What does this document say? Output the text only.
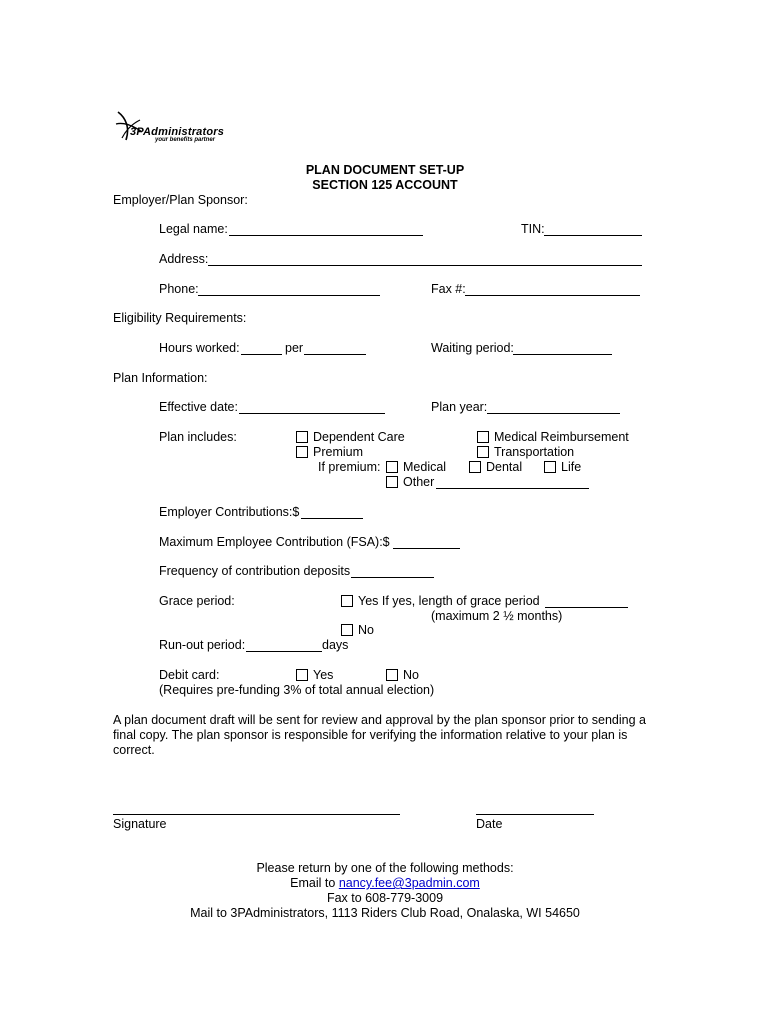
3PAdministrators
your benefits partner
PLAN DOCUMENT SET-UP
SECTION 125 ACCOUNT
Employer/Plan Sponsor:
Legal name:	TIN:
Address:
Phone:	Fax #:
Eligibility Requirements:
Hours worked:	per	Waiting period:
Plan Information:
Effective date:	Plan year:
Plan includes:	Dependent Care	Medical Reimbursement
Premium	Transportation
If premium: Medical	Dental	Life
Other
Employer Contributions:$
Maximum Employee Contribution (FSA):$
Frequency of contribution deposits
Grace period:	Yes If yes, length of grace period
(maximum 2 ½ months)
No
Run-out period:	days
Debit card:	Yes	No
(Requires pre-funding 3% of total annual election)
A plan document draft will be sent for review and approval by the plan sponsor prior to sending a final copy. The plan sponsor is responsible for verifying the information relative to your plan is correct.
Signature	Date
Please return by one of the following methods:
Email to nancy.fee@3padmin.com
Fax to 608-779-3009
Mail to 3PAdministrators, 1113 Riders Club Road, Onalaska, WI 54650
